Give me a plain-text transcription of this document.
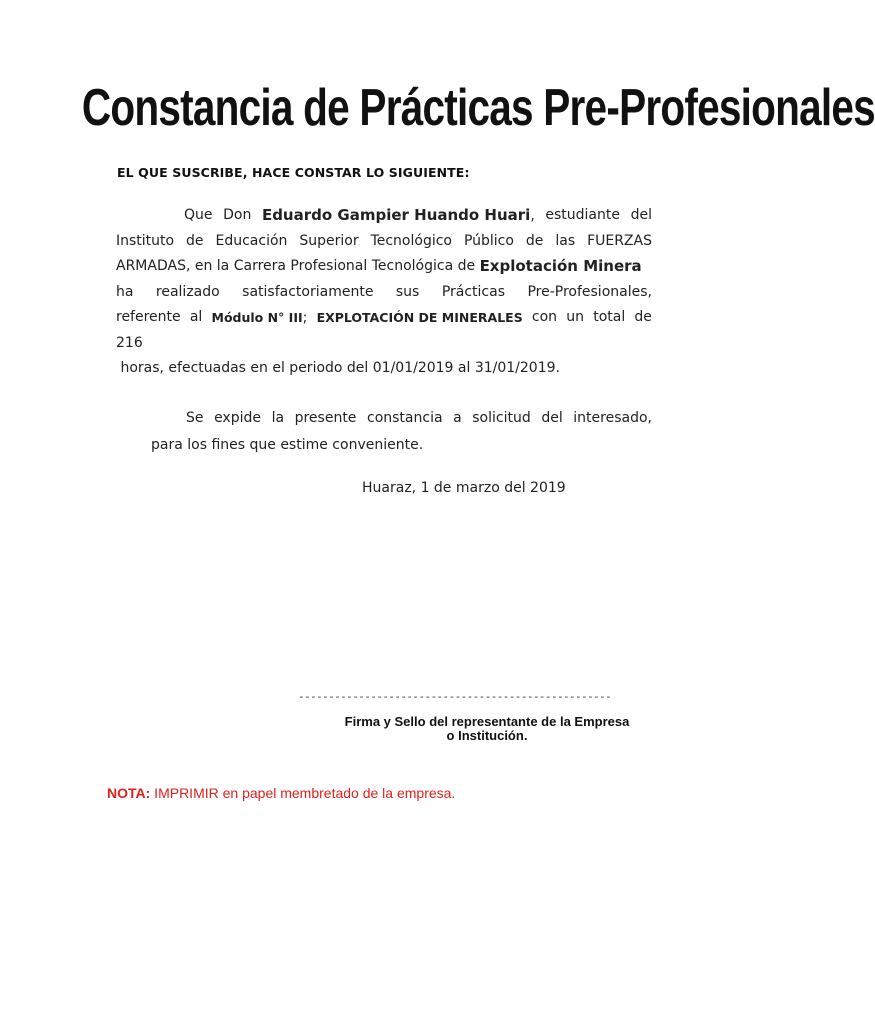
Constancia de Prácticas Pre-Profesionales
EL QUE SUSCRIBE, HACE CONSTAR LO SIGUIENTE:
Que Don Eduardo Gampier Huando Huari, estudiante del
Instituto de Educación Superior Tecnológico Público de las FUERZAS
ARMADAS, en la Carrera Profesional Tecnológica de Explotación Minera
ha realizado satisfactoriamente sus Prácticas Pre-Profesionales,
referente al Módulo N° III; EXPLOTACIÓN DE MINERALES con un total de
216
horas, efectuadas en el periodo del 01/01/2019 al 31/01/2019.
Se expide la presente constancia a solicitud del interesado,
para los fines que estime conveniente.
Huaraz, 1 de marzo del 2019
----------------------------------------------------
Firma y Sello del representante de la Empresa
o Institución.
NOTA: IMPRIMIR en papel membretado de la empresa.
